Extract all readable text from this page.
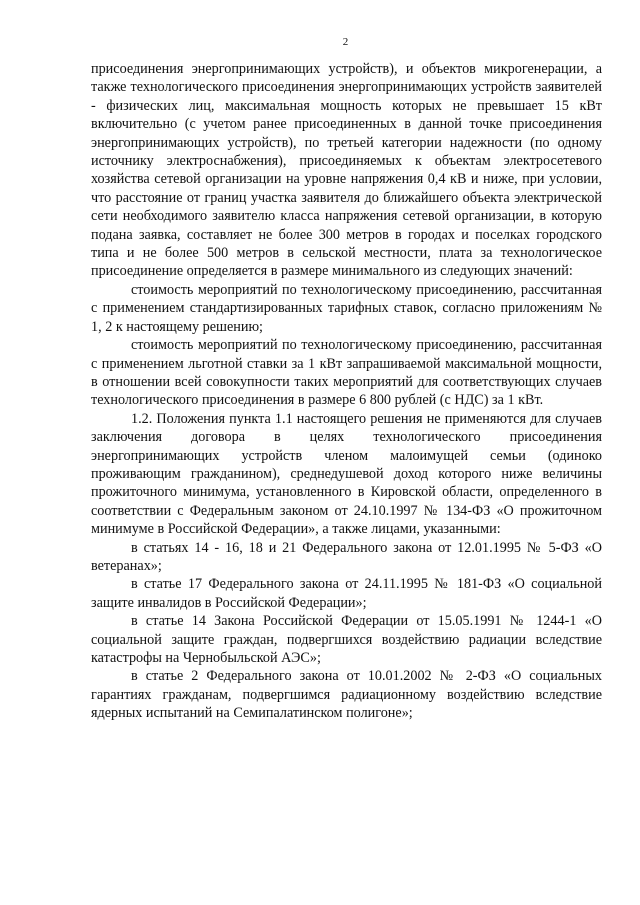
2

присоединения энергопринимающих устройств), и объектов микрогенерации, а также технологического присоединения энергопринимающих устройств заявителей - физических лиц, максимальная мощность которых не превышает 15 кВт включительно (с учетом ранее присоединенных в данной точке присоединения энергопринимающих устройств), по третьей категории надежности (по одному источнику электроснабжения), присоединяемых к объектам электросетевого хозяйства сетевой организации на уровне напряжения 0,4 кВ и ниже, при условии, что расстояние от границ участка заявителя до ближайшего объекта электрической сети необходимого заявителю класса напряжения сетевой организации, в которую подана заявка, составляет не более 300 метров в городах и поселках городского типа и не более 500 метров в сельской местности, плата за технологическое присоединение определяется в размере минимального из следующих значений:

стоимость мероприятий по технологическому присоединению, рассчитанная с применением стандартизированных тарифных ставок, согласно приложениям № 1, 2 к настоящему решению;

стоимость мероприятий по технологическому присоединению, рассчитанная с применением льготной ставки за 1 кВт запрашиваемой максимальной мощности, в отношении всей совокупности таких мероприятий для соответствующих случаев технологического присоединения в размере 6 800 рублей (с НДС) за 1 кВт.

1.2. Положения пункта 1.1 настоящего решения не применяются для случаев заключения договора в целях технологического присоединения энергопринимающих устройств членом малоимущей семьи (одиноко проживающим гражданином), среднедушевой доход которого ниже величины прожиточного минимума, установленного в Кировской области, определенного в соответствии с Федеральным законом от 24.10.1997 № 134-ФЗ «О прожиточном минимуме в Российской Федерации», а также лицами, указанными:

в статьях 14 - 16, 18 и 21 Федерального закона от 12.01.1995 № 5-ФЗ «О ветеранах»;

в статье 17 Федерального закона от 24.11.1995 № 181-ФЗ «О социальной защите инвалидов в Российской Федерации»;

в статье 14 Закона Российской Федерации от 15.05.1991 № 1244-1 «О социальной защите граждан, подвергшихся воздействию радиации вследствие катастрофы на Чернобыльской АЭС»;

в статье 2 Федерального закона от 10.01.2002 № 2-ФЗ «О социальных гарантиях гражданам, подвергшимся радиационному воздействию вследствие ядерных испытаний на Семипалатинском полигоне»;
